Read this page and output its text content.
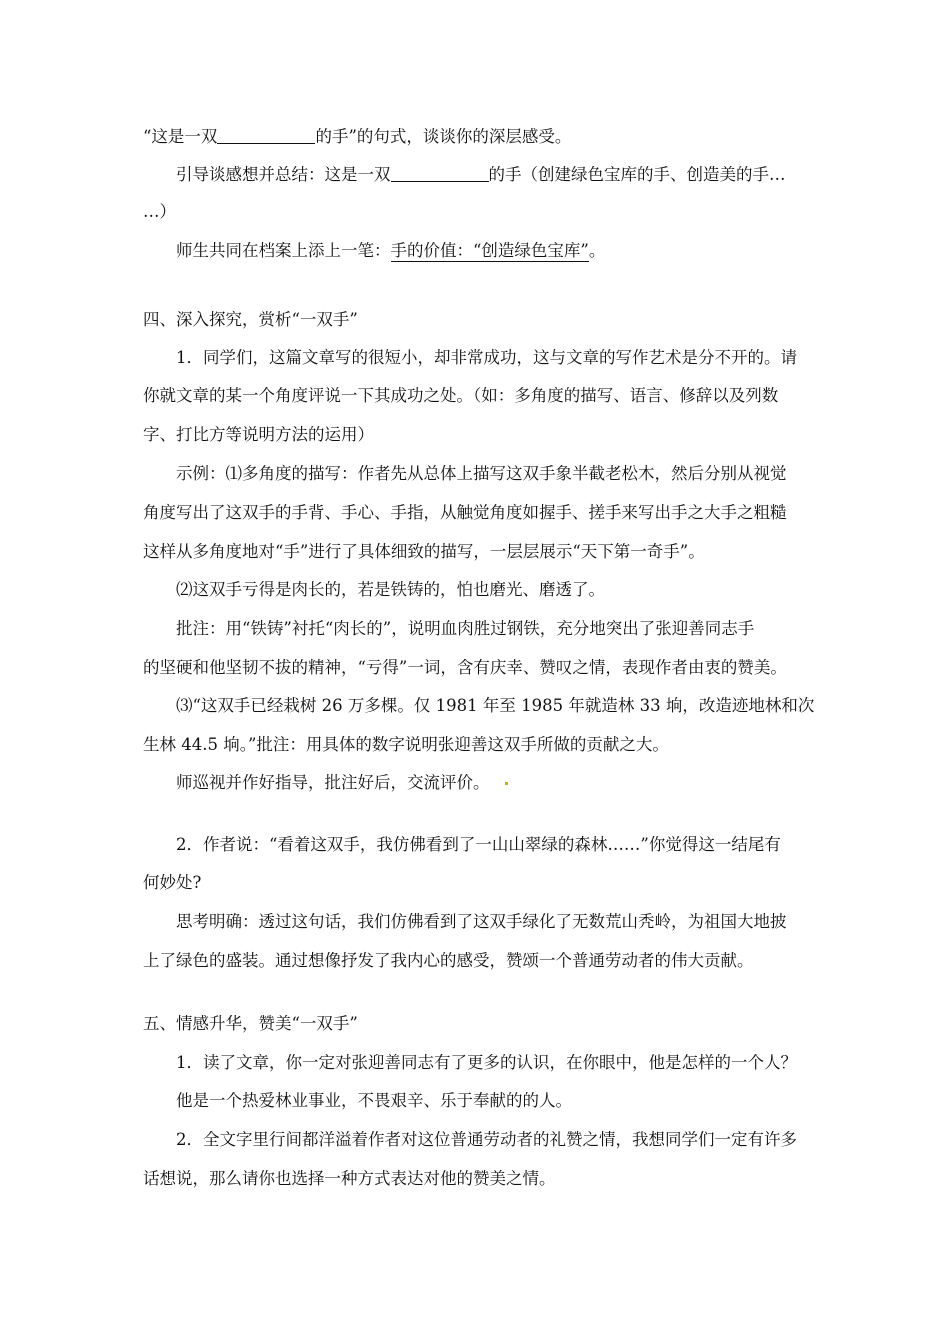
“这是一双	的手”的句式，谈谈你的深层感受。
引导谈感想并总结：这是一双	的手（创建绿色宝库的手、创造美的手…
…）
师生共同在档案上添上一笔：手的价值：“创造绿色宝库”。
四、深入探究，赏析“一双手”
1．同学们，这篇文章写的很短小，却非常成功，这与文章的写作艺术是分不开的。请
你就文章的某一个角度评说一下其成功之处。（如：多角度的描写、语言、修辞以及列数
字、打比方等说明方法的运用）
示例：⑴多角度的描写：作者先从总体上描写这双手象半截老松木，然后分别从视觉
角度写出了这双手的手背、手心、手指，从触觉角度如握手、搓手来写出手之大手之粗糙
这样从多角度地对“手”进行了具体细致的描写，一层层展示“天下第一奇手”。
⑵这双手亏得是肉长的，若是铁铸的，怕也磨光、磨透了。
批注：用“铁铸”衬托“肉长的”，说明血肉胜过钢铁，充分地突出了张迎善同志手
的坚硬和他坚韧不拔的精神，“亏得”一词，含有庆幸、赞叹之情，表现作者由衷的赞美。
⑶“这双手已经栽树 26 万多棵。仅 1981 年至 1985 年就造林 33 垧，改造迹地林和次
生林 44.5 垧。”批注：用具体的数字说明张迎善这双手所做的贡献之大。
师巡视并作好指导，批注好后，交流评价。
2．作者说：“看着这双手，我仿佛看到了一山山翠绿的森林……”你觉得这一结尾有
何妙处?
思考明确：透过这句话，我们仿佛看到了这双手绿化了无数荒山秃岭，为祖国大地披
上了绿色的盛装。通过想像抒发了我内心的感受，赞颂一个普通劳动者的伟大贡献。
五、情感升华，赞美“一双手”
1．读了文章，你一定对张迎善同志有了更多的认识，在你眼中，他是怎样的一个人？
他是一个热爱林业事业，不畏艰辛、乐于奉献的的人。
2．全文字里行间都洋溢着作者对这位普通劳动者的礼赞之情，我想同学们一定有许多
话想说，那么请你也选择一种方式表达对他的赞美之情。
